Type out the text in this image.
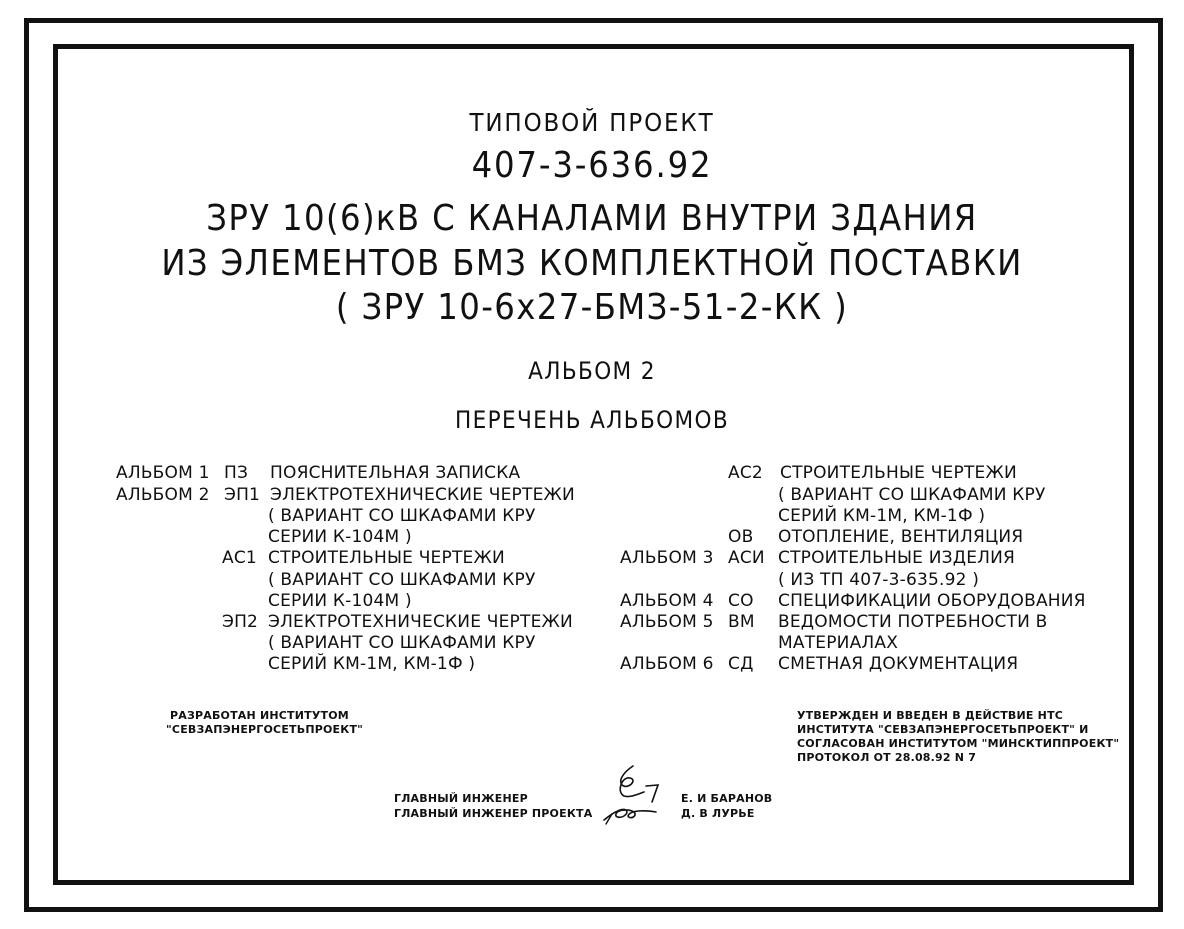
ТИПОВОЙ ПРОЕКТ
407-3-636.92
ЗРУ 10(6)кВ С КАНАЛАМИ ВНУТРИ ЗДАНИЯ
ИЗ ЭЛЕМЕНТОВ БМЗ КОМПЛЕКТНОЙ ПОСТАВКИ
( ЗРУ 10-6х27-БМЗ-51-2-КК )
АЛЬБОМ 2
ПЕРЕЧЕНЬ АЛЬБОМОВ
АЛЬБОМ 1
АЛЬБОМ 2
ПЗ
ЭП1
АС1
ЭП2
ПОЯСНИТЕЛЬНАЯ ЗАПИСКА
ЭЛЕКТРОТЕХНИЧЕСКИЕ ЧЕРТЕЖИ
( ВАРИАНТ СО ШКАФАМИ КРУ
СЕРИИ К-104М )
СТРОИТЕЛЬНЫЕ ЧЕРТЕЖИ
( ВАРИАНТ СО ШКАФАМИ КРУ
СЕРИИ К-104М )
ЭЛЕКТРОТЕХНИЧЕСКИЕ ЧЕРТЕЖИ
( ВАРИАНТ СО ШКАФАМИ КРУ
СЕРИЙ КМ-1М, КМ-1Ф )
АЛЬБОМ 3
АЛЬБОМ 4
АЛЬБОМ 5
АЛЬБОМ 6
АС2
ОВ
АСИ
СО
ВМ
СД
СТРОИТЕЛЬНЫЕ ЧЕРТЕЖИ
( ВАРИАНТ СО ШКАФАМИ КРУ
СЕРИЙ КМ-1М, КМ-1Ф )
ОТОПЛЕНИЕ, ВЕНТИЛЯЦИЯ
СТРОИТЕЛЬНЫЕ ИЗДЕЛИЯ
( ИЗ ТП 407-3-635.92 )
СПЕЦИФИКАЦИИ ОБОРУДОВАНИЯ
ВЕДОМОСТИ ПОТРЕБНОСТИ В
МАТЕРИАЛАХ
СМЕТНАЯ ДОКУМЕНТАЦИЯ
РАЗРАБОТАН ИНСТИТУТОМ
"СЕВЗАПЭНЕРГОСЕТЬПРОЕКТ"
УТВЕРЖДЕН И ВВЕДЕН В ДЕЙСТВИЕ НТС
ИНСТИТУТА "СЕВЗАПЭНЕРГОСЕТЬПРОЕКТ" И
СОГЛАСОВАН ИНСТИТУТОМ "МИНСКТИППРОЕКТ"
ПРОТОКОЛ ОТ 28.08.92 N 7
ГЛАВНЫЙ ИНЖЕНЕР
ГЛАВНЫЙ ИНЖЕНЕР ПРОЕКТА
Е. И БАРАНОВ
Д. В ЛУРЬЕ
